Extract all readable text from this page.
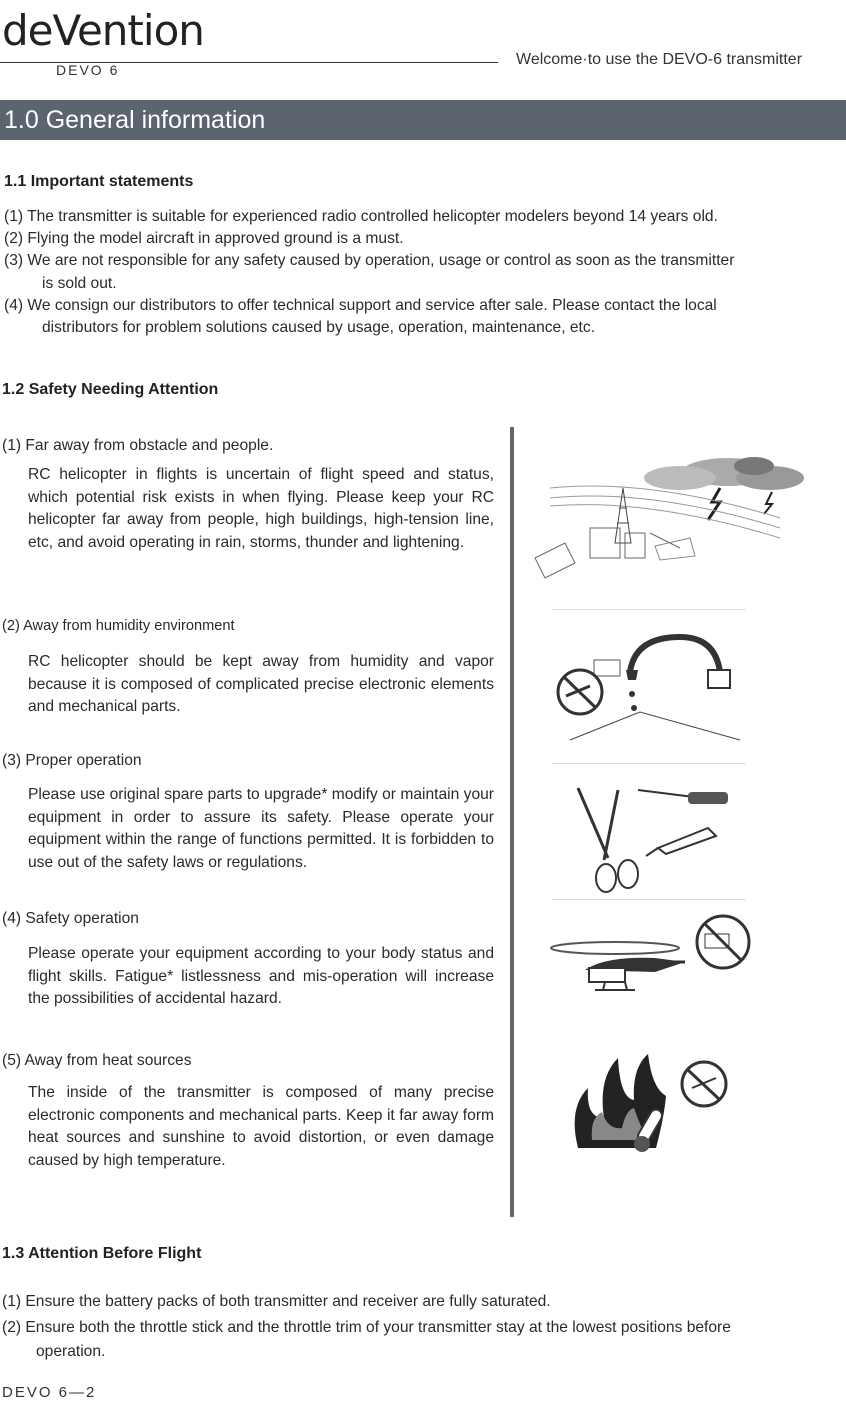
deVention
DEVO 6
Welcome·to use the DEVO-6 transmitter
1.0 General information
1.1 Important statements
(1) The transmitter is suitable for experienced radio controlled helicopter modelers beyond 14 years old.
(2) Flying the model aircraft in approved ground is a must.
(3) We are not responsible for any safety caused by operation, usage or control as soon as the transmitter
is sold out.
(4) We consign our distributors to offer technical support and service after sale. Please contact the local
distributors for problem solutions caused by usage, operation, maintenance, etc.
1.2 Safety Needing Attention
(1) Far away from obstacle and people.
RC helicopter in flights is uncertain of flight speed and status, which potential risk exists in when flying. Please keep your RC helicopter far away from people, high buildings, high-tension line, etc, and avoid operating in rain, storms, thunder and lightening.
(2) Away from humidity environment
RC helicopter should be kept away from humidity and vapor because it is composed of complicated precise electronic elements and mechanical parts.
(3) Proper operation
Please use original spare parts to upgrade* modify or maintain your equipment in order to assure its safety. Please operate your equipment within the range of functions permitted. It is forbidden to use out of the safety laws or regulations.
(4) Safety operation
Please operate your equipment according to your body status and flight skills. Fatigue* listlessness and mis-operation will increase the possibilities of accidental hazard.
(5) Away from heat sources
The inside of the transmitter is composed of many precise electronic components and mechanical parts. Keep it far away form heat sources and sunshine to avoid distortion, or even damage caused by high temperature.
1.3 Attention Before Flight
(1) Ensure the battery packs of both transmitter and receiver are fully saturated.
(2) Ensure both the throttle stick and the throttle trim of your transmitter stay at the lowest positions before
operation.
DEVO 6—2
